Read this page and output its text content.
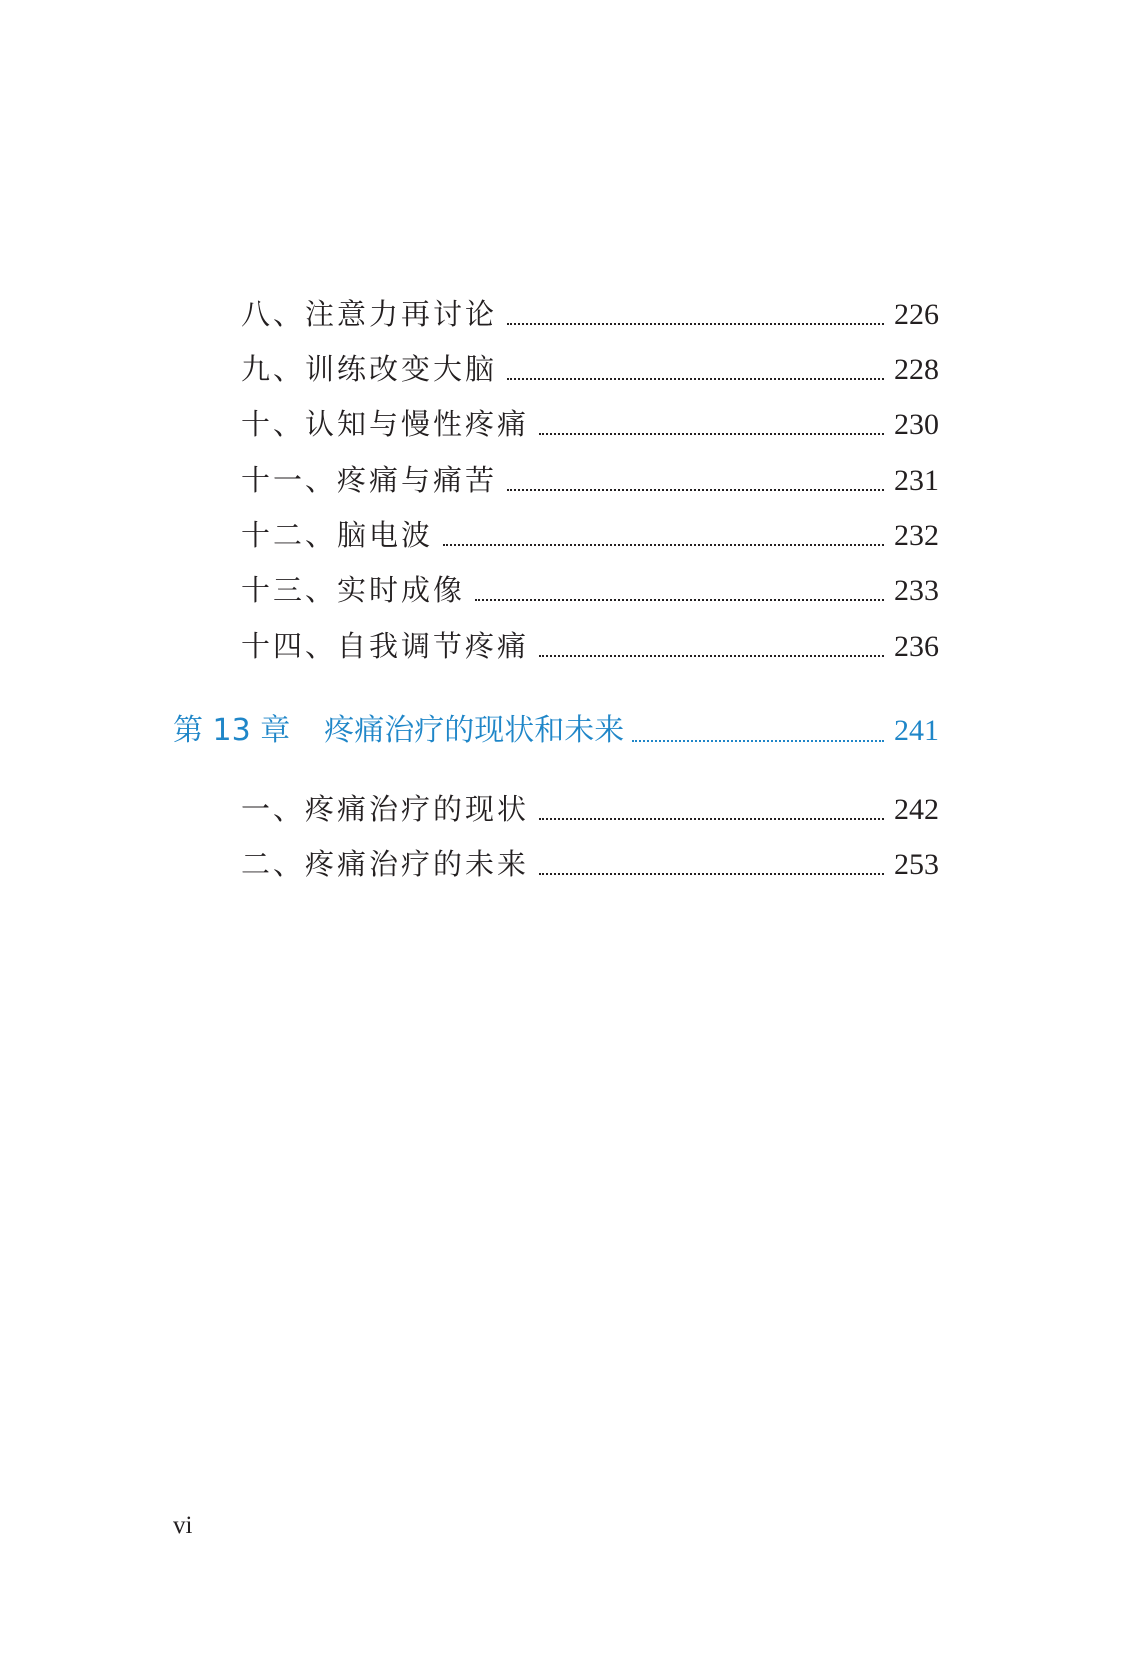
八、注意力再讨论	226
九、训练改变大脑	228
十、认知与慢性疼痛	230
十一、疼痛与痛苦	231
十二、脑电波	232
十三、实时成像	233
十四、自我调节疼痛	236
第 13 章 疼痛治疗的现状和未来	241
一、疼痛治疗的现状	242
二、疼痛治疗的未来	253
vi
